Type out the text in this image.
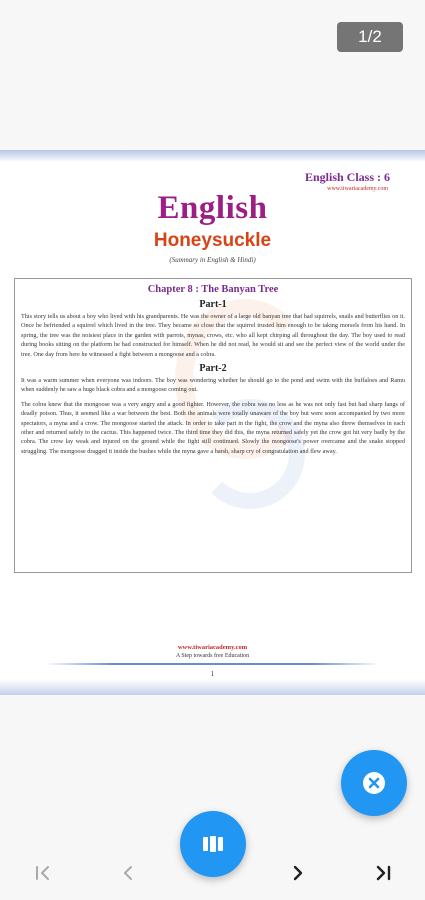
1/2
English Class : 6
www.tiwariacademy.com
English
Honeysuckle
(Summary in English & Hindi)
Chapter 8 : The Banyan Tree
Part-1

This story tells us about a boy who lived with his grandparents. He was the owner of a large old banyan tree that had squirrels, snails and butterflies on it. Once he befriended a squirrel which lived in the tree. They became so close that the squirrel trusted him enough to be taking morsels from his hand. In spring, the tree was the noisiest place in the garden with parrots, mynas, crows, etc. who all kept chirping all throughout the day. The boy used to read during books sitting on the platform he had constructed for himself. When he did not read, he would sit and see the perfect view of the world under the tree. One day from here he witnessed a fight between a mongoose and a cobra.

Part-2

It was a warm summer when everyone was indoors. The boy was wondering whether he should go to the pond and swim with the buffaloes and Ramu when suddenly he saw a huge black cobra and a mongoose coming out.

The cobra knew that the mongoose was a very angry and a good fighter. However, the cobra was no less as he was not only fast but had sharp fangs of deadly poison. Thus, it seemed like a war between the best. Both the animals were totally unaware of the boy but were soon accompanied by two more spectators, a myna and a crow. The mongoose started the attack. In order to take part in the fight, the crow and the myna also threw themselves in each other and returned safely to the cactus. This happened twice. The third time they did this, the myna returned safely yet the crow got hit very badly by the cobra. The crow lay weak and injured on the ground while the fight still continued. Slowly the mongoose's power overcame and the snake stopped struggling. The mongoose dragged it inside the bushes while the myna gave a harsh, sharp cry of congratulation and flew away.

www.tiwariacademy.com
A Step towards free Education
1
